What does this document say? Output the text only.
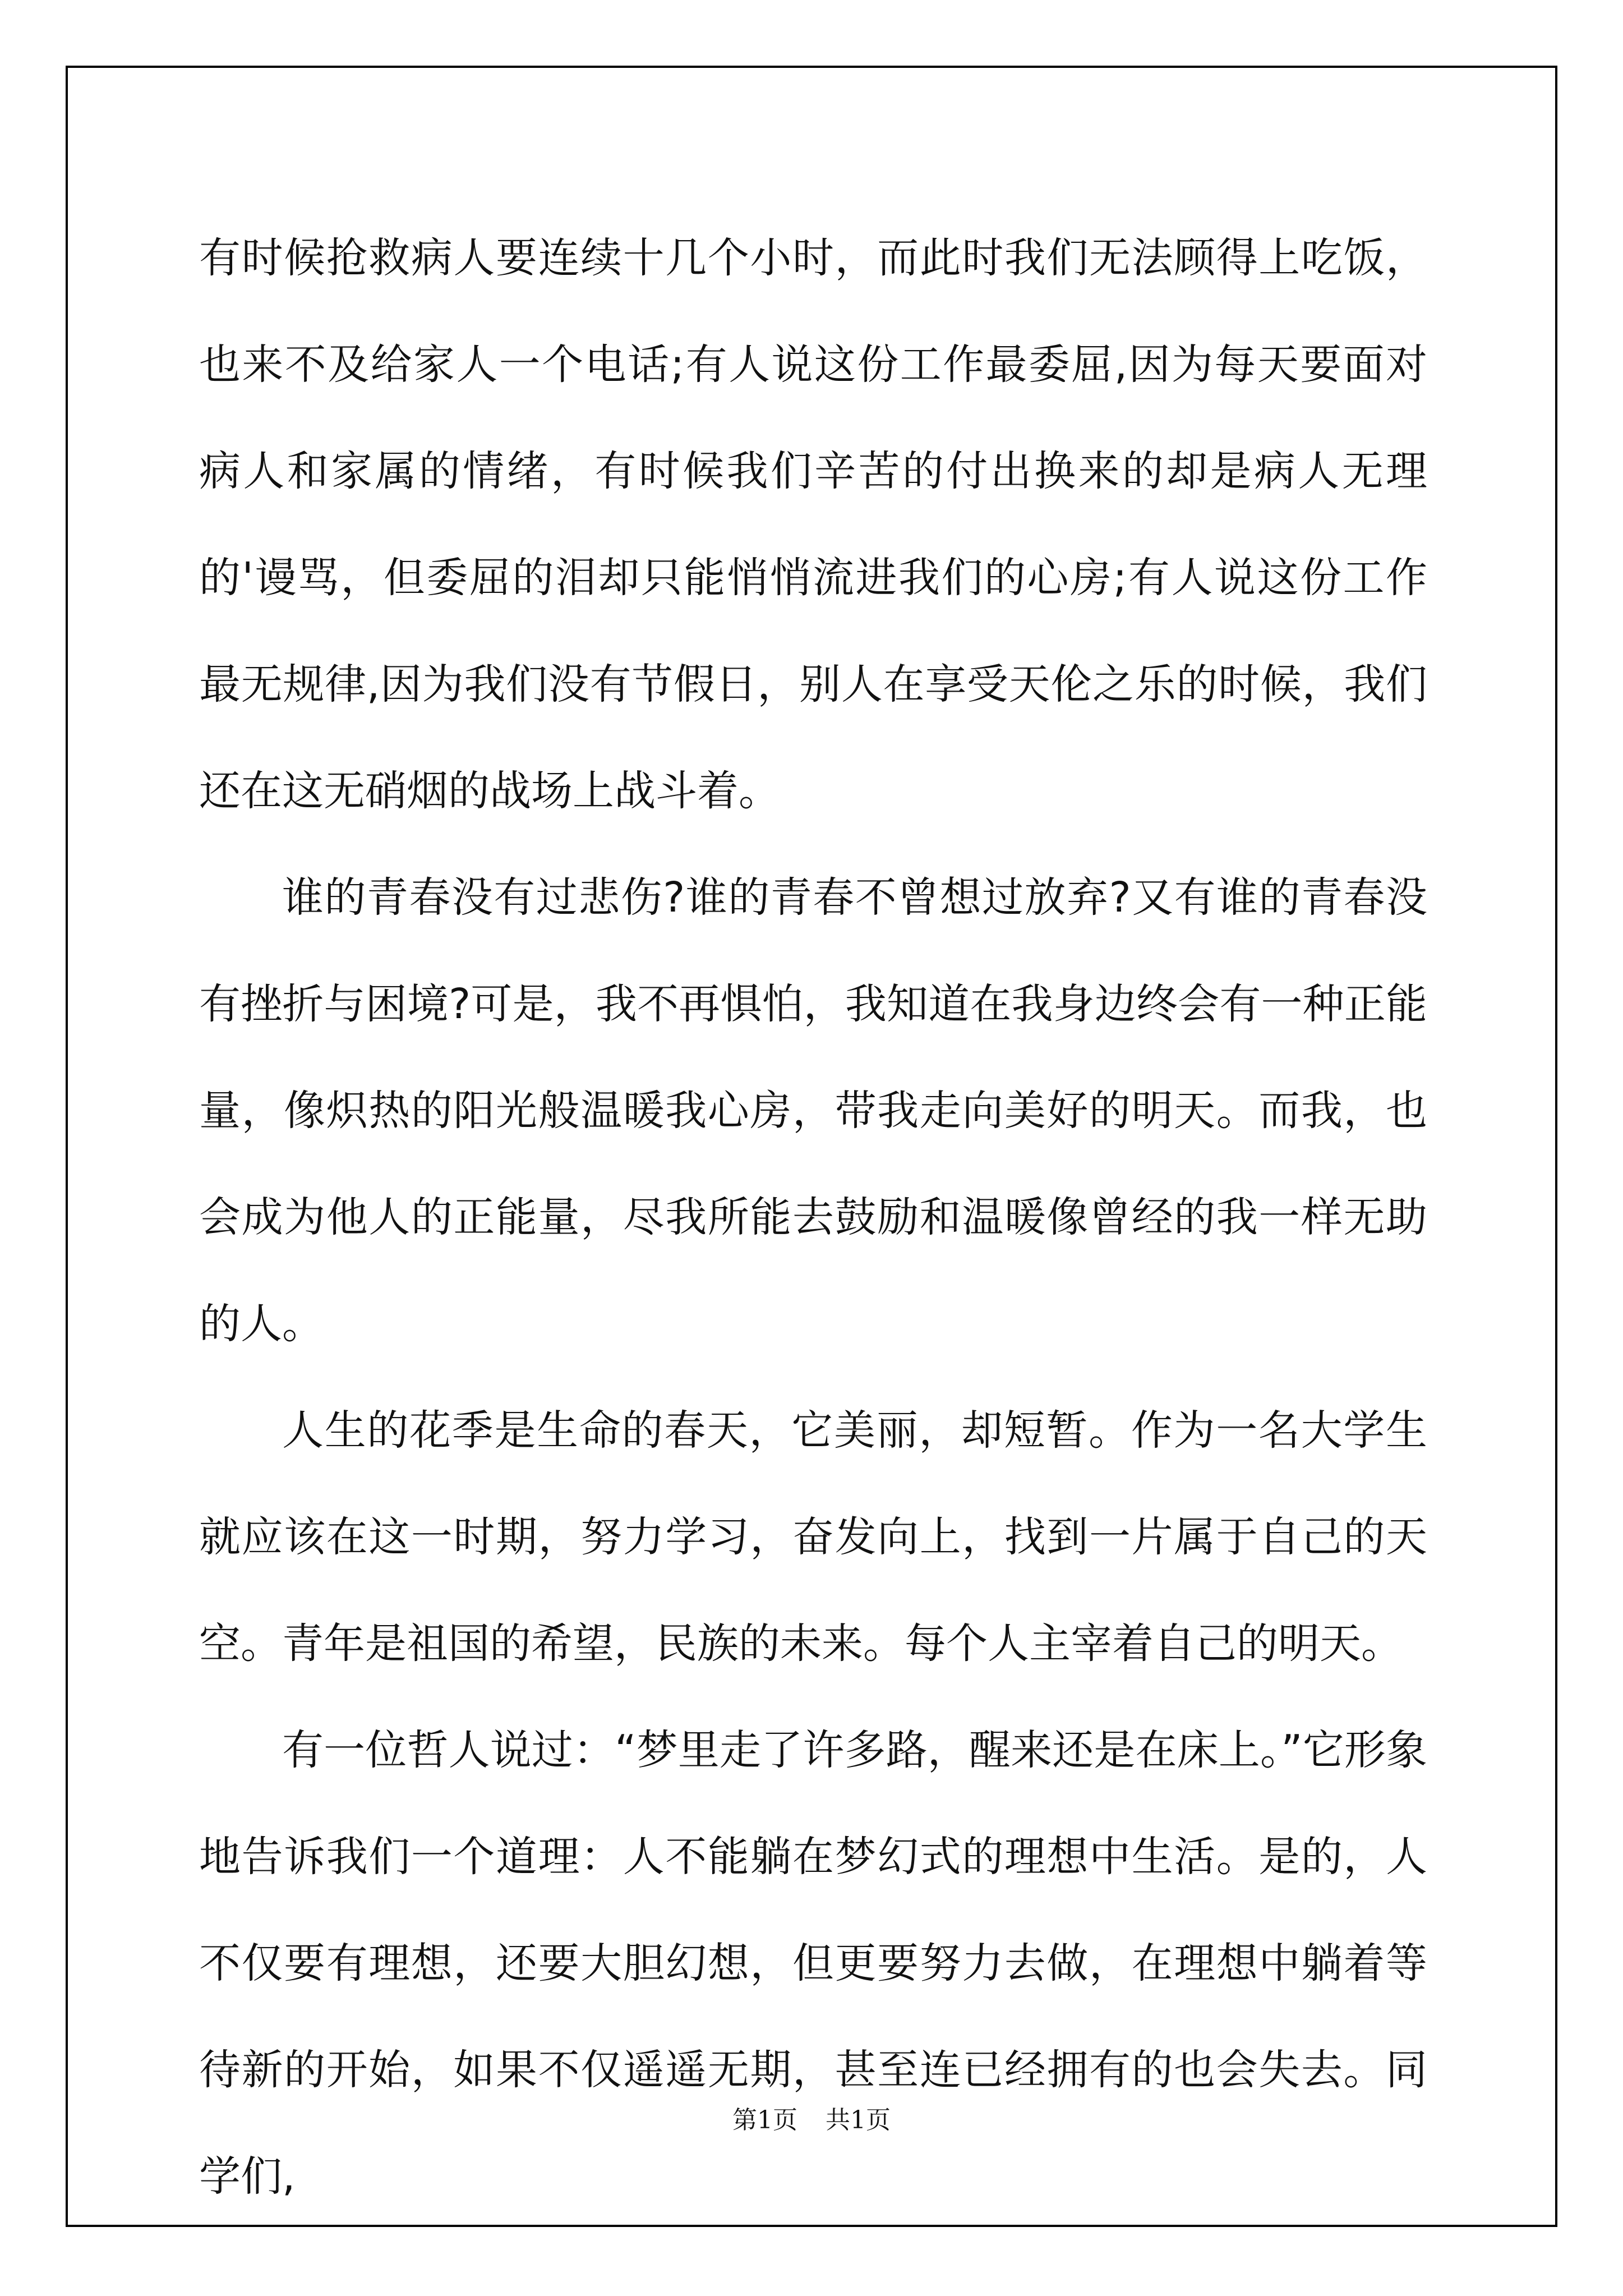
有时候抢救病人要连续十几个小时，而此时我们无法顾得上吃饭，也来不及给家人一个电话;有人说这份工作最委屈,因为每天要面对病人和家属的情绪，有时候我们辛苦的付出换来的却是病人无理的'谩骂，但委屈的泪却只能悄悄流进我们的心房;有人说这份工作最无规律,因为我们没有节假日，别人在享受天伦之乐的时候，我们还在这无硝烟的战场上战斗着。

谁的青春没有过悲伤?谁的青春不曾想过放弃?又有谁的青春没有挫折与困境?可是，我不再惧怕，我知道在我身边终会有一种正能量，像炽热的阳光般温暖我心房，带我走向美好的明天。而我，也会成为他人的正能量，尽我所能去鼓励和温暖像曾经的我一样无助的人。

人生的花季是生命的春天，它美丽，却短暂。作为一名大学生就应该在这一时期，努力学习，奋发向上，找到一片属于自己的天空。青年是祖国的希望，民族的未来。每个人主宰着自己的明天。

有一位哲人说过：“梦里走了许多路，醒来还是在床上。”它形象地告诉我们一个道理：人不能躺在梦幻式的理想中生活。是的，人不仅要有理想，还要大胆幻想，但更要努力去做，在理想中躺着等待新的开始，如果不仅遥遥无期，甚至连已经拥有的也会失去。同学们,

第1页 共1页
